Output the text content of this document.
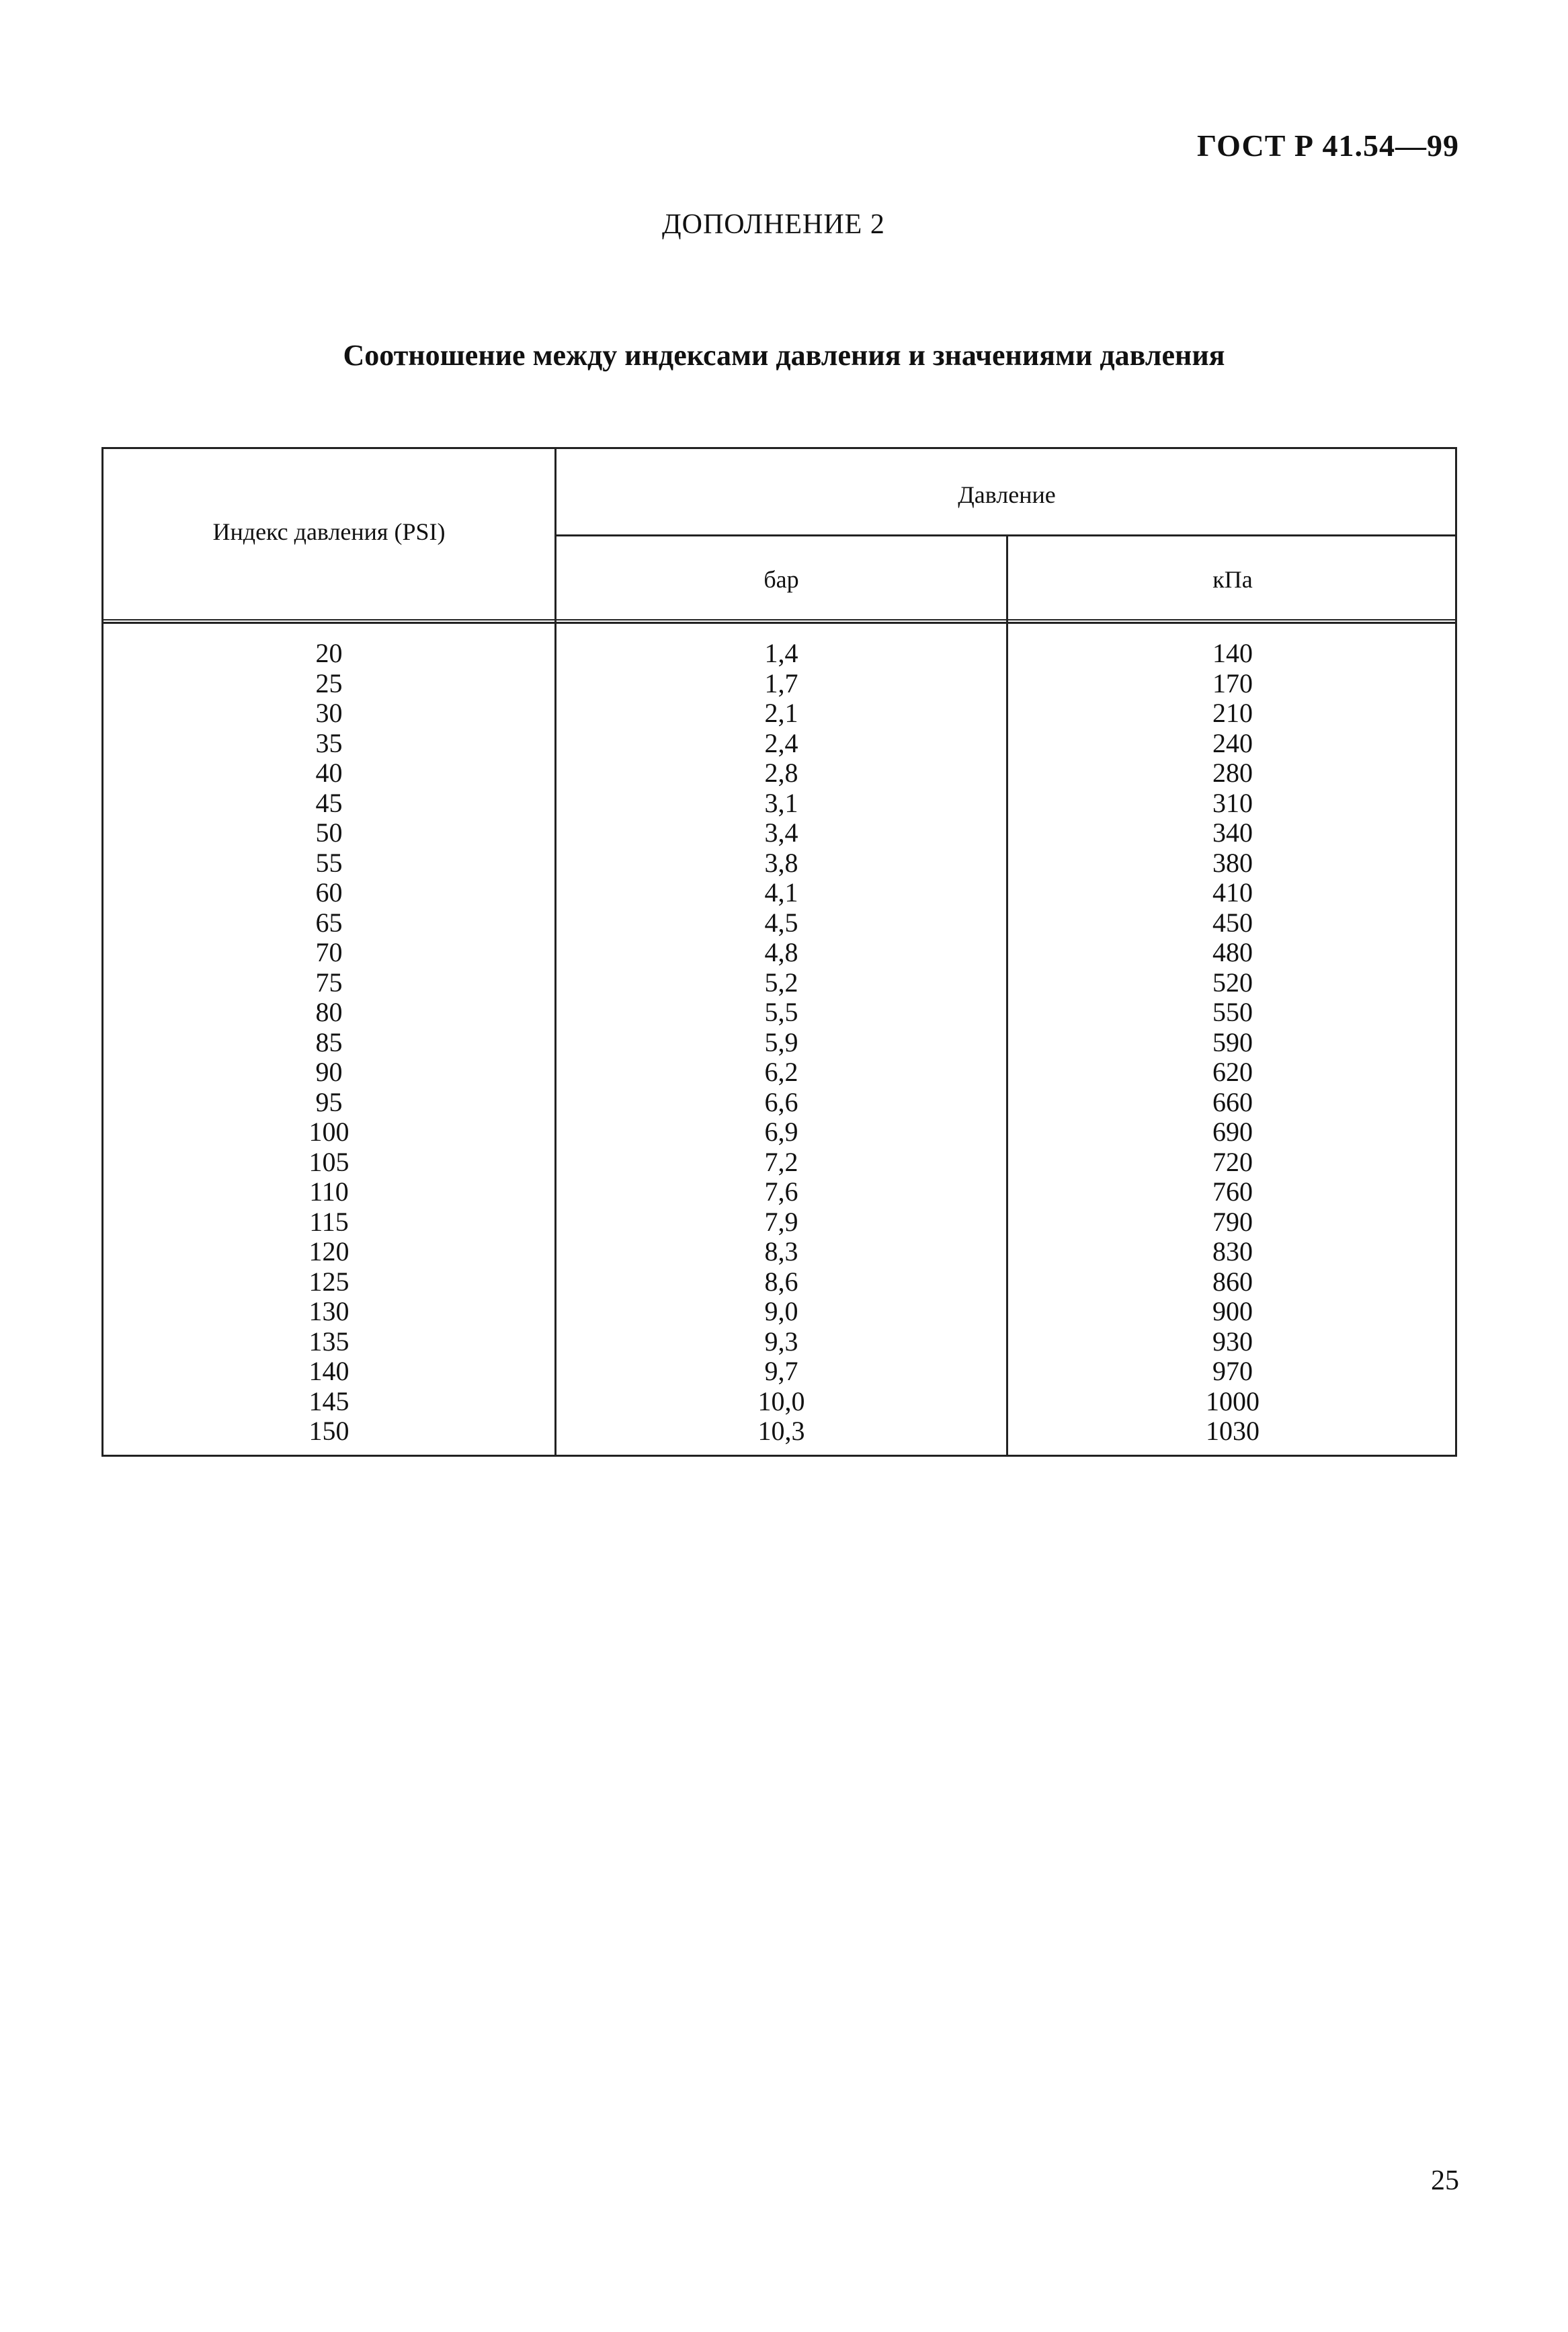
ГОСТ Р 41.54—99
ДОПОЛНЕНИЕ 2
Соотношение между индексами давления и значениями давления
Индекс давления (PSI)
Давление
бар	кПа
20
25
30
35
40
45
50
55
60
65
70
75
80
85
90
95
100
105
110
115
120
125
130
135
140
145
150
1,4
1,7
2,1
2,4
2,8
3,1
3,4
3,8
4,1
4,5
4,8
5,2
5,5
5,9
6,2
6,6
6,9
7,2
7,6
7,9
8,3
8,6
9,0
9,3
9,7
10,0
10,3
140
170
210
240
280
310
340
380
410
450
480
520
550
590
620
660
690
720
760
790
830
860
900
930
970
1000
1030
25
